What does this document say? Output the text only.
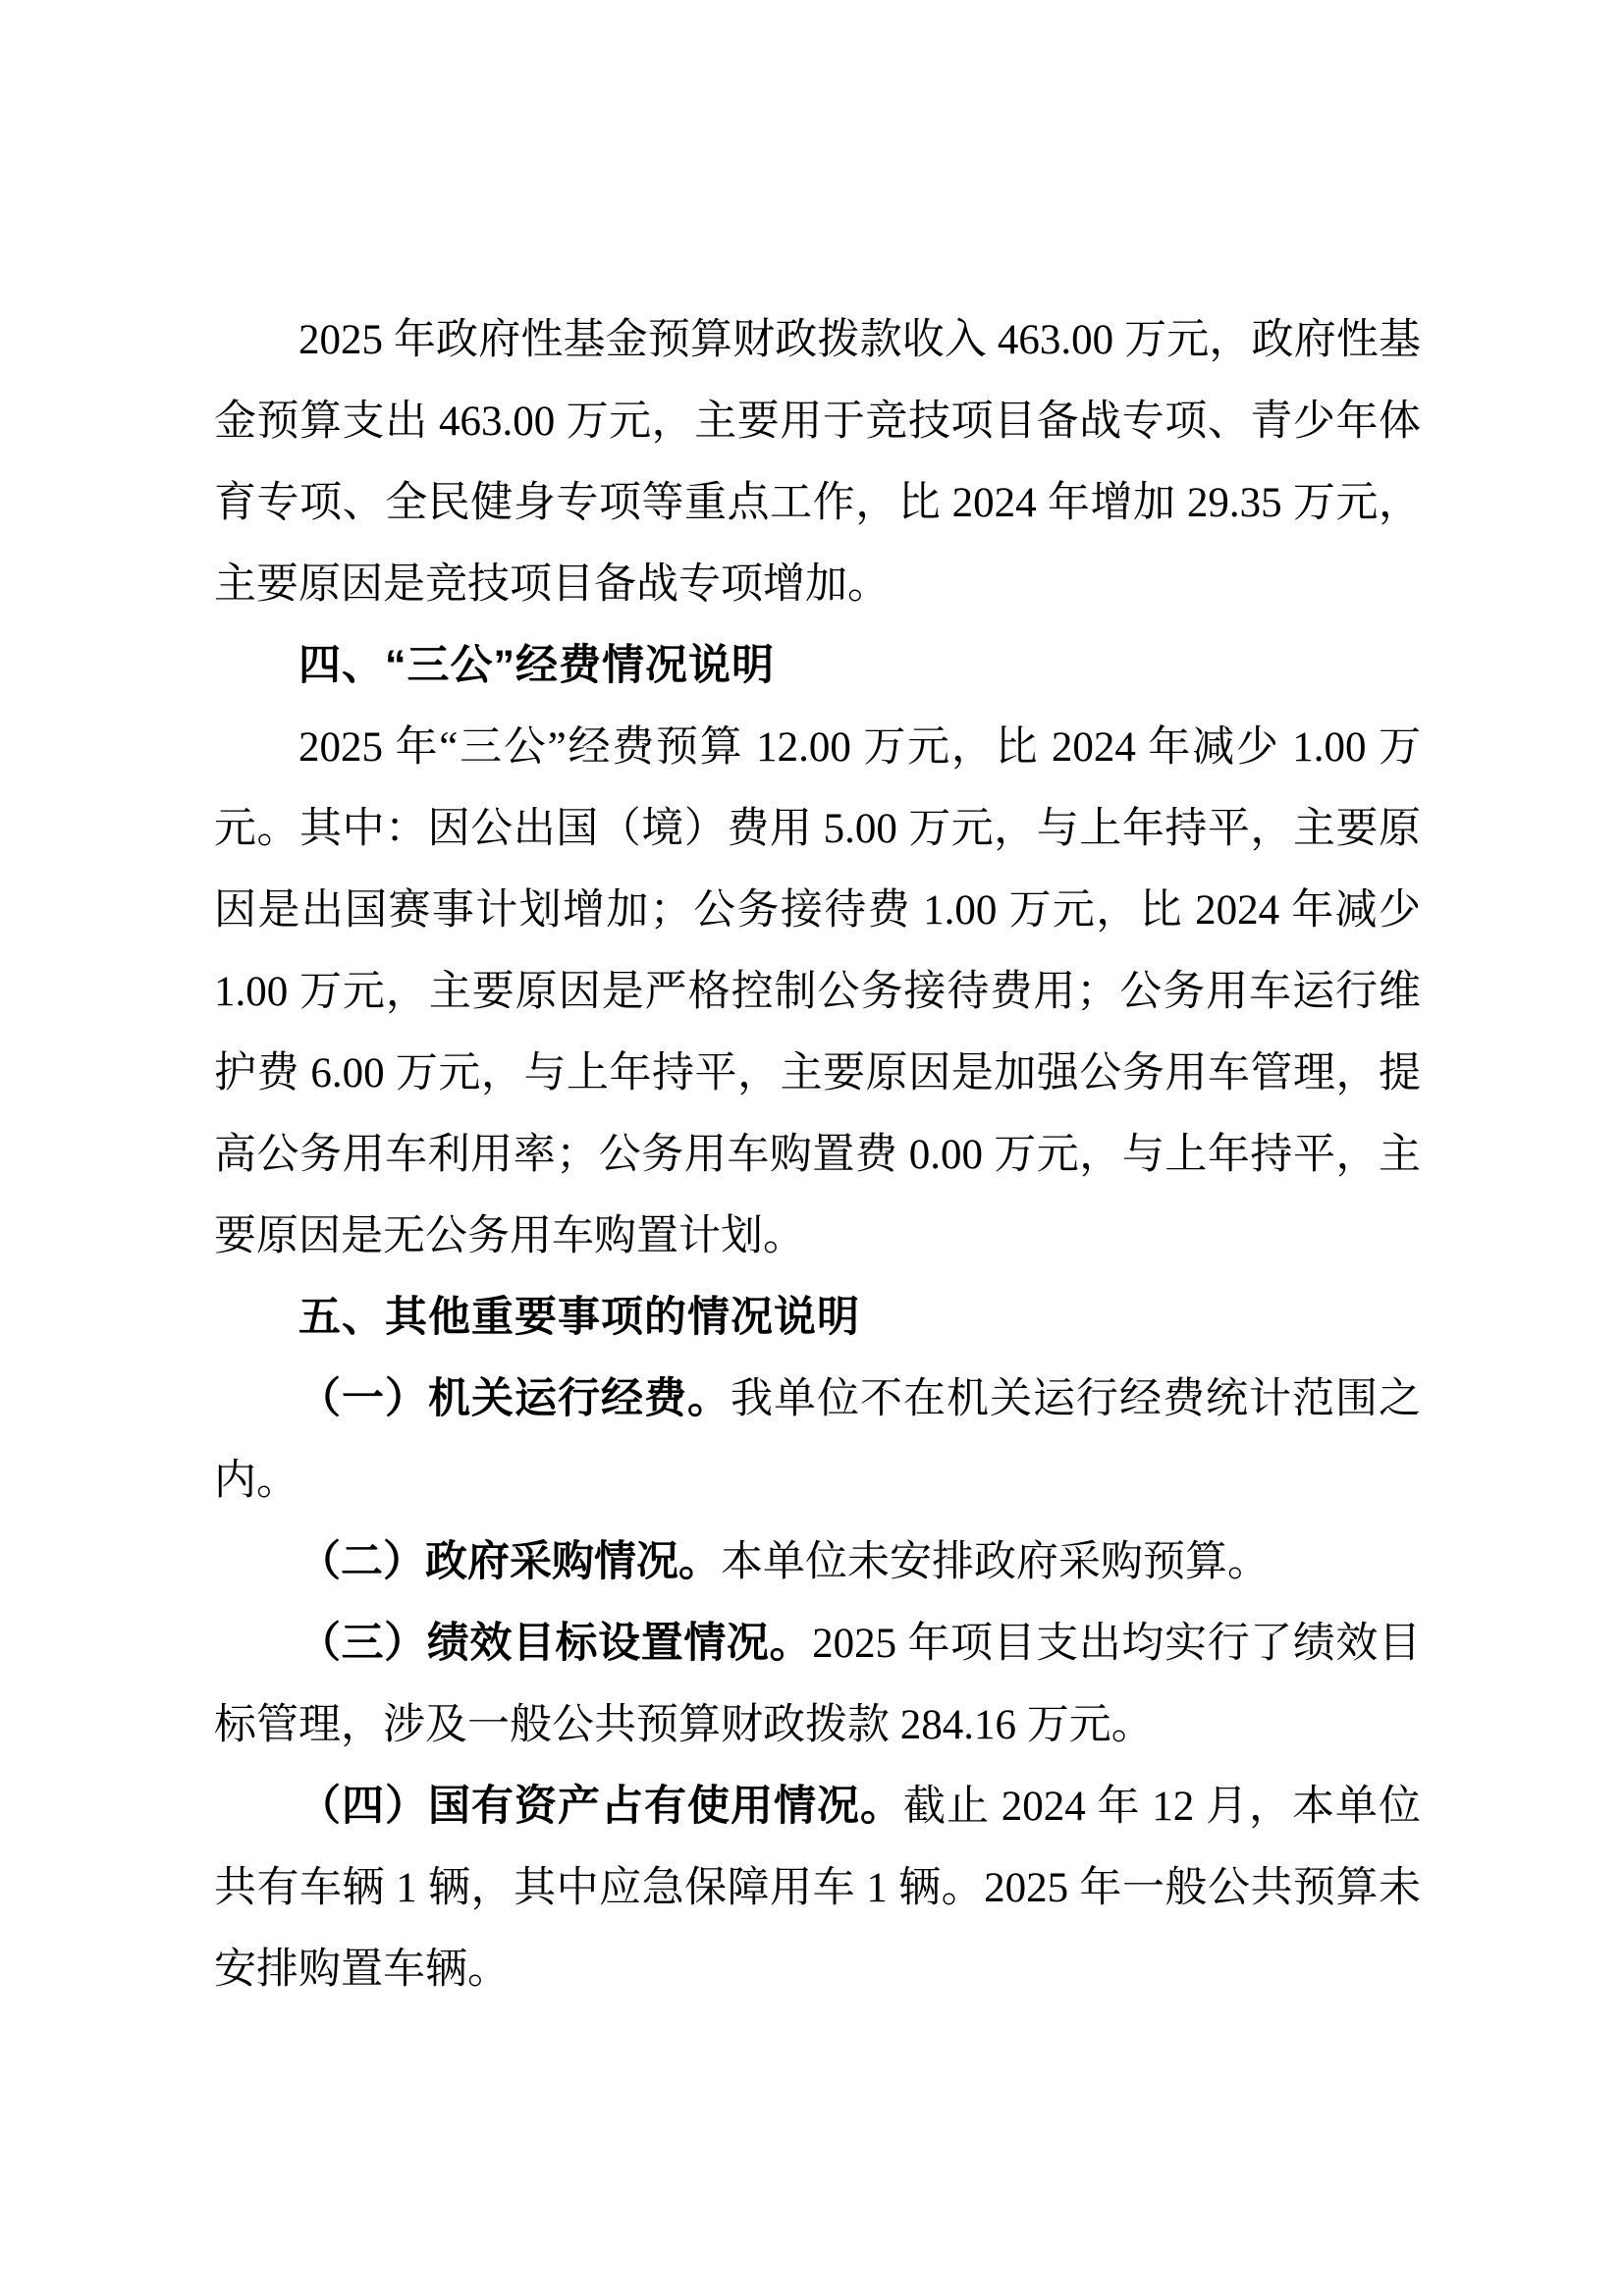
2025 年政府性基金预算财政拨款收入 463.00 万元，政府性基金预算支出 463.00 万元，主要用于竞技项目备战专项、青少年体育专项、全民健身专项等重点工作，比 2024 年增加 29.35 万元，主要原因是竞技项目备战专项增加。

四、“三公”经费情况说明

2025 年“三公”经费预算 12.00 万元，比 2024 年减少 1.00 万元。其中：因公出国（境）费用 5.00 万元，与上年持平，主要原因是出国赛事计划增加；公务接待费 1.00 万元，比 2024 年减少 1.00 万元，主要原因是严格控制公务接待费用；公务用车运行维护费 6.00 万元，与上年持平，主要原因是加强公务用车管理，提高公务用车利用率；公务用车购置费 0.00 万元，与上年持平，主要原因是无公务用车购置计划。

五、其他重要事项的情况说明

（一）机关运行经费。我单位不在机关运行经费统计范围之内。

（二）政府采购情况。本单位未安排政府采购预算。

（三）绩效目标设置情况。2025 年项目支出均实行了绩效目标管理，涉及一般公共预算财政拨款 284.16 万元。

（四）国有资产占有使用情况。截止 2024 年 12 月，本单位共有车辆 1 辆，其中应急保障用车 1 辆。2025 年一般公共预算未安排购置车辆。
